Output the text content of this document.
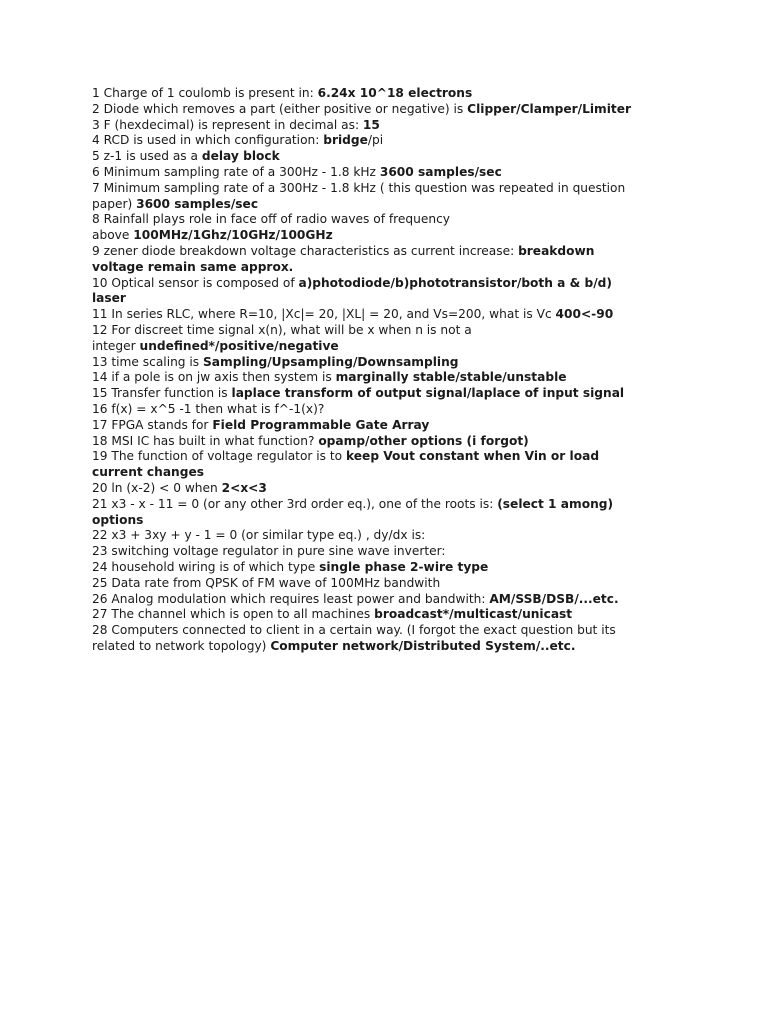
1 Charge of 1 coulomb is present in: 6.24x 10^18 electrons
2 Diode which removes a part (either positive or negative) is Clipper/Clamper/Limiter
3 F (hexdecimal) is represent in decimal as: 15
4 RCD is used in which configuration: bridge/pi
5 z-1 is used as a delay block
6 Minimum sampling rate of a 300Hz - 1.8 kHz 3600 samples/sec
7 Minimum sampling rate of a 300Hz - 1.8 kHz ( this question was repeated in question
paper) 3600 samples/sec
8 Rainfall plays role in face off of radio waves of frequency
above 100MHz/1Ghz/10GHz/100GHz
9 zener diode breakdown voltage characteristics as current increase: breakdown
voltage remain same approx.
10 Optical sensor is composed of a)photodiode/b)phototransistor/both a & b/d)
laser
11 In series RLC, where R=10, |Xc|= 20, |XL| = 20, and Vs=200, what is Vc 400<-90
12 For discreet time signal x(n), what will be x when n is not a
integer undefined*/positive/negative
13 time scaling is Sampling/Upsampling/Downsampling
14 if a pole is on jw axis then system is marginally stable/stable/unstable
15 Transfer function is laplace transform of output signal/laplace of input signal
16 f(x) = x^5 -1 then what is f^-1(x)?
17 FPGA stands for Field Programmable Gate Array
18 MSI IC has built in what function? opamp/other options (i forgot)
19 The function of voltage regulator is to keep Vout constant when Vin or load
current changes
20 ln (x-2) < 0 when 2<x<3
21 x3 - x - 11 = 0 (or any other 3rd order eq.), one of the roots is: (select 1 among)
options
22 x3 + 3xy + y - 1 = 0 (or similar type eq.) , dy/dx is:
23 switching voltage regulator in pure sine wave inverter:
24 household wiring is of which type single phase 2-wire type
25 Data rate from QPSK of FM wave of 100MHz bandwith
26 Analog modulation which requires least power and bandwith: AM/SSB/DSB/...etc.
27 The channel which is open to all machines broadcast*/multicast/unicast
28 Computers connected to client in a certain way. (I forgot the exact question but its
related to network topology) Computer network/Distributed System/..etc.
